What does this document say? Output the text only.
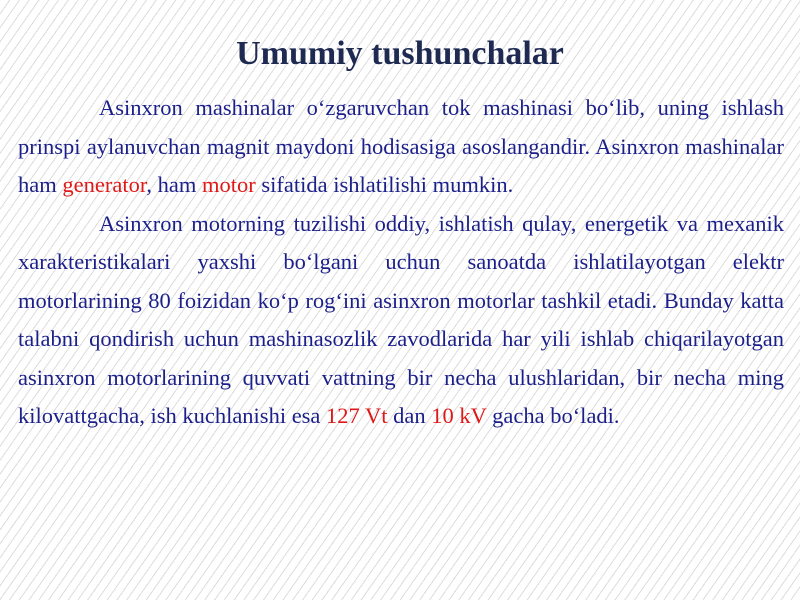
Umumiy tushunchalar

Asinxron mashinalar o‘zgaruvchan tok mashinasi bo‘lib, uning ishlash prinspi aylanuvchan magnit maydoni hodisasiga asoslangandir. Asinxron mashinalar ham generator, ham motor sifatida ishlatilishi mumkin.

Asinxron motorning tuzilishi oddiy, ishlatish qulay, energetik va mexanik xarakteristikalari yaxshi bo‘lgani uchun sanoatda ishlatilayotgan elektr motorlarining 80 foizidan ko‘p rog‘ini asinxron motorlar tashkil etadi. Bunday katta talabni qondirish uchun mashinasozlik zavodlarida har yili ishlab chiqarilayotgan asinxron motorlarining quvvati vattning bir necha ulushlaridan, bir necha ming kilovattgacha, ish kuchlanishi esa 127 Vt dan 10 kV gacha bo‘ladi.
